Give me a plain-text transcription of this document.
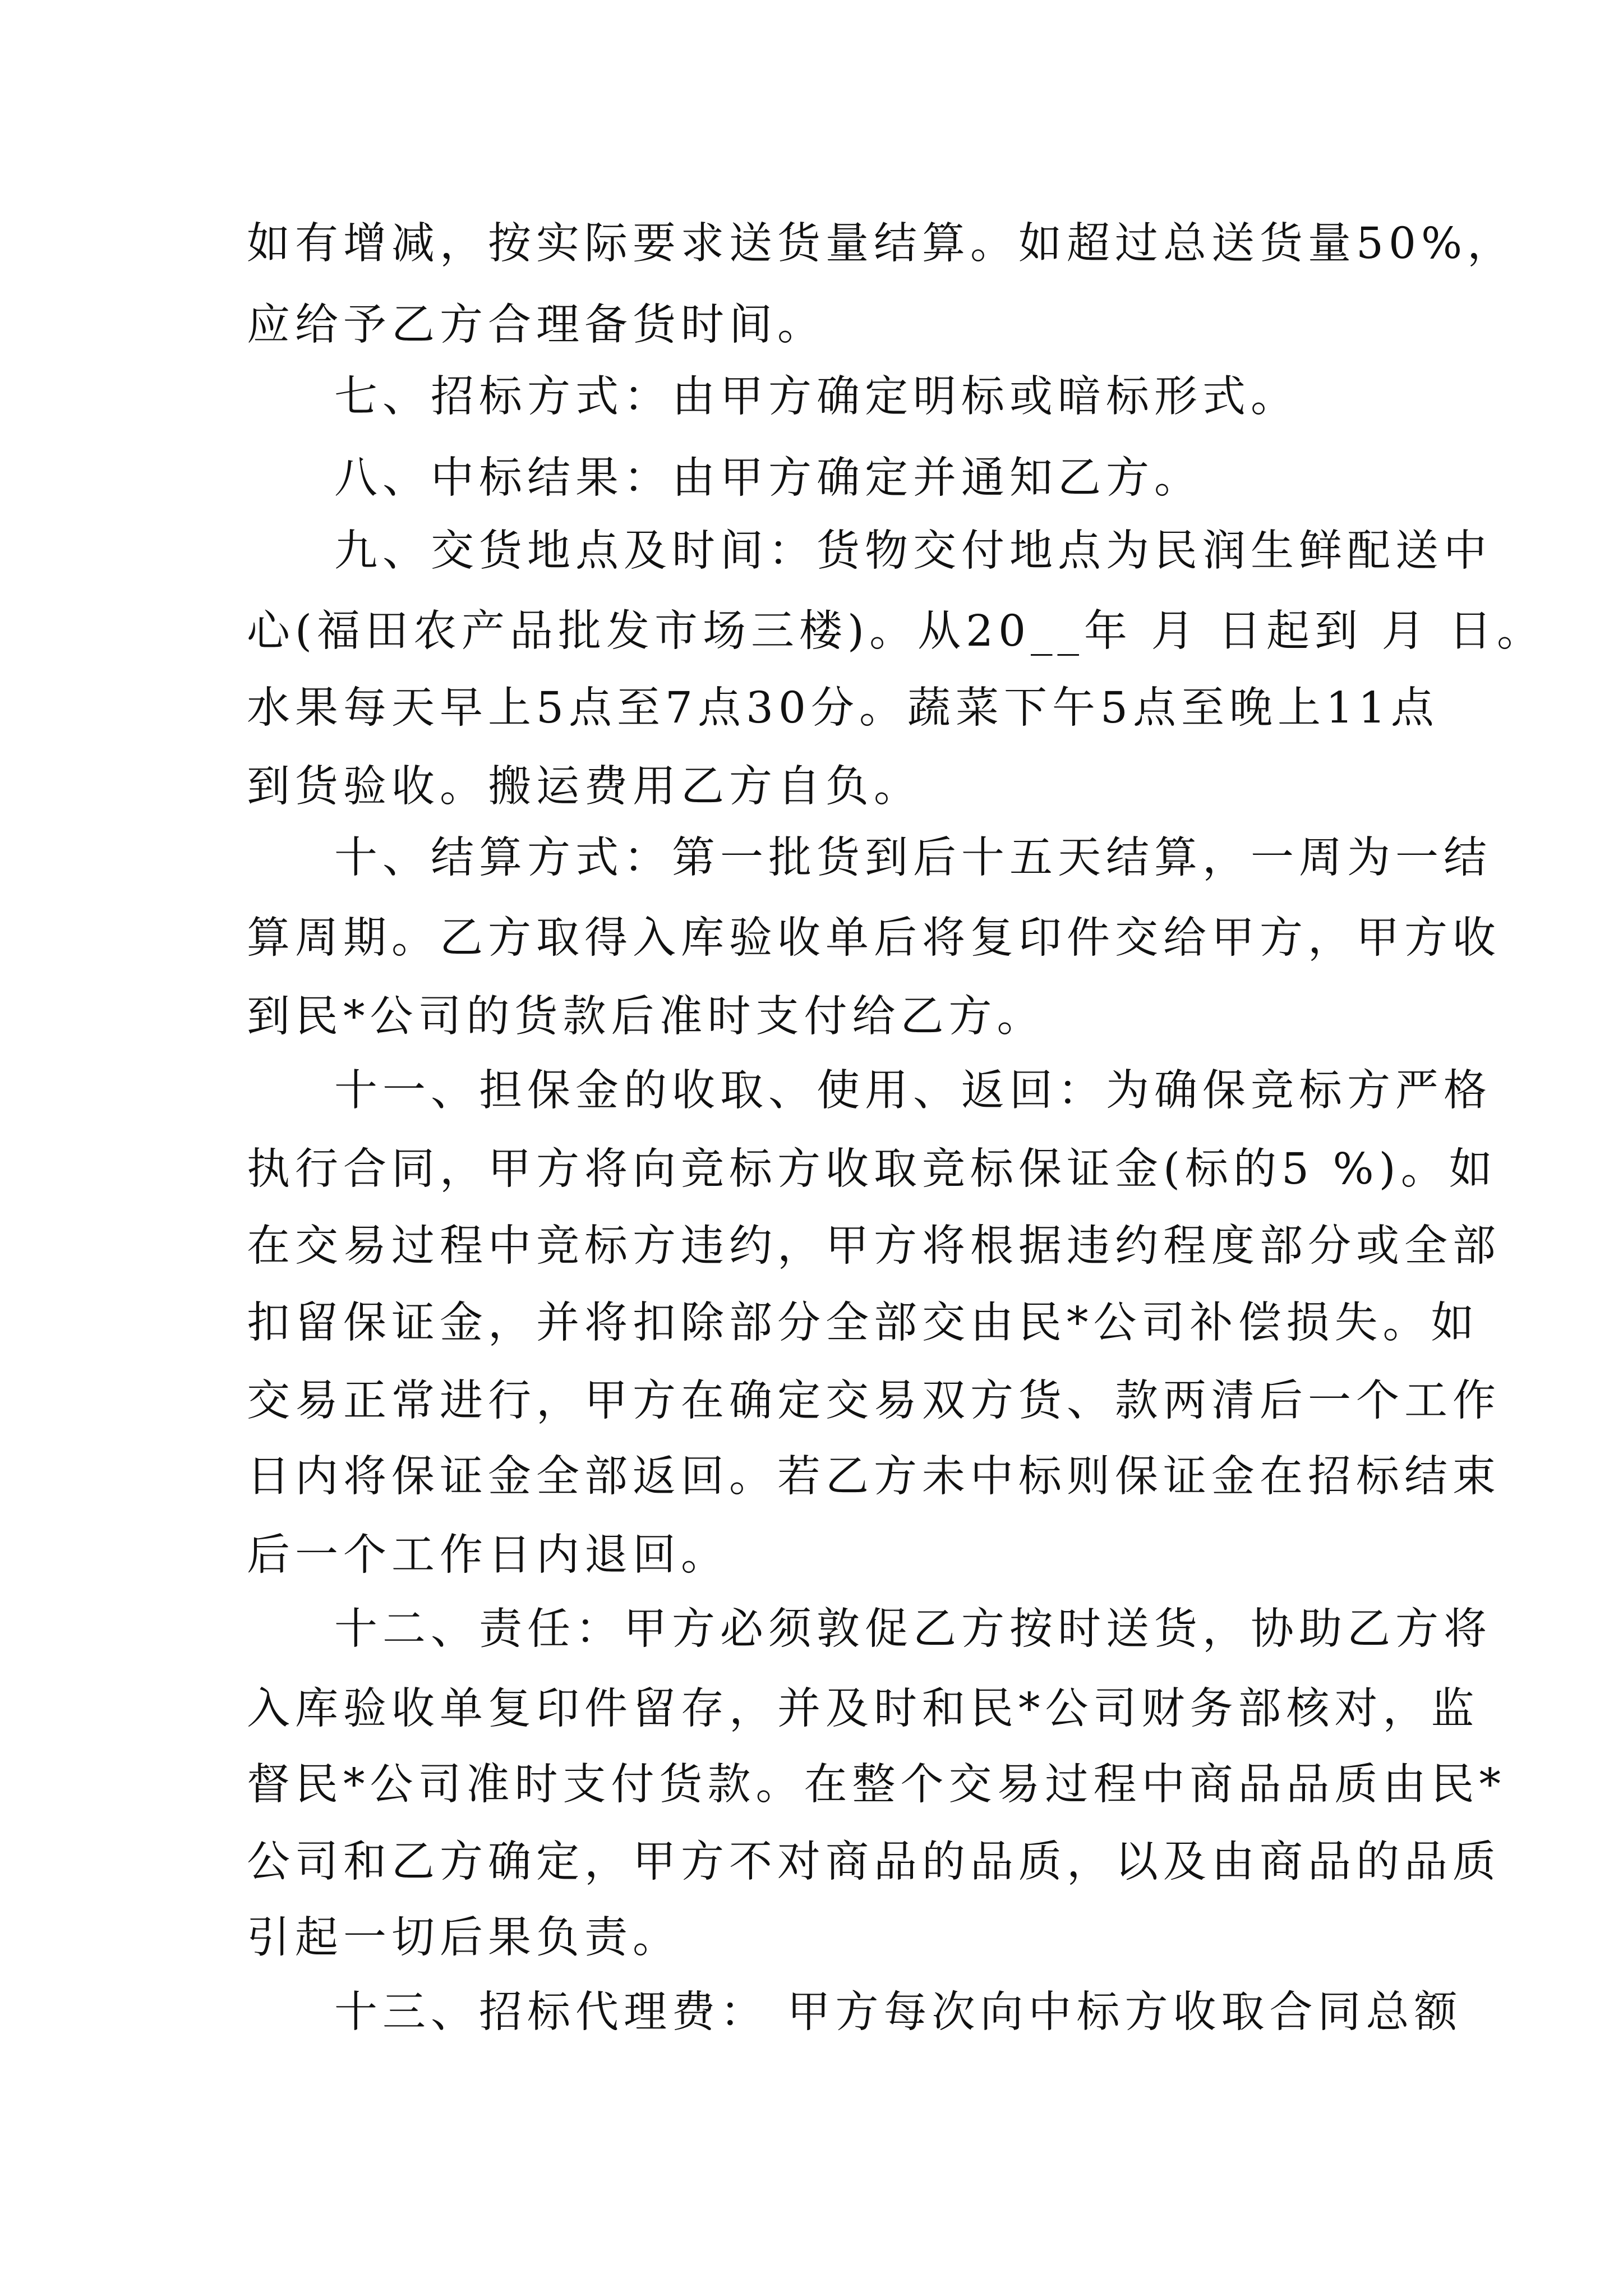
如有增减，按实际要求送货量结算。如超过总送货量50%，
应给予乙方合理备货时间。
七、招标方式：由甲方确定明标或暗标形式。
八、中标结果：由甲方确定并通知乙方。
九、交货地点及时间：货物交付地点为民润生鲜配送中
心(福田农产品批发市场三楼)。从20__年 月 日起到 月 日。
水果每天早上5点至7点30分。蔬菜下午5点至晚上11点
到货验收。搬运费用乙方自负。
十、结算方式：第一批货到后十五天结算，一周为一结
算周期。乙方取得入库验收单后将复印件交给甲方，甲方收
到民*公司的货款后准时支付给乙方。
十一、担保金的收取、使用、返回：为确保竞标方严格
执行合同，甲方将向竞标方收取竞标保证金(标的5 %)。如
在交易过程中竞标方违约，甲方将根据违约程度部分或全部
扣留保证金，并将扣除部分全部交由民*公司补偿损失。如
交易正常进行，甲方在确定交易双方货、款两清后一个工作
日内将保证金全部返回。若乙方未中标则保证金在招标结束
后一个工作日内退回。
十二、责任：甲方必须敦促乙方按时送货，协助乙方将
入库验收单复印件留存，并及时和民*公司财务部核对，监
督民*公司准时支付货款。在整个交易过程中商品品质由民*
公司和乙方确定，甲方不对商品的品质，以及由商品的品质
引起一切后果负责。
十三、招标代理费： 甲方每次向中标方收取合同总额
